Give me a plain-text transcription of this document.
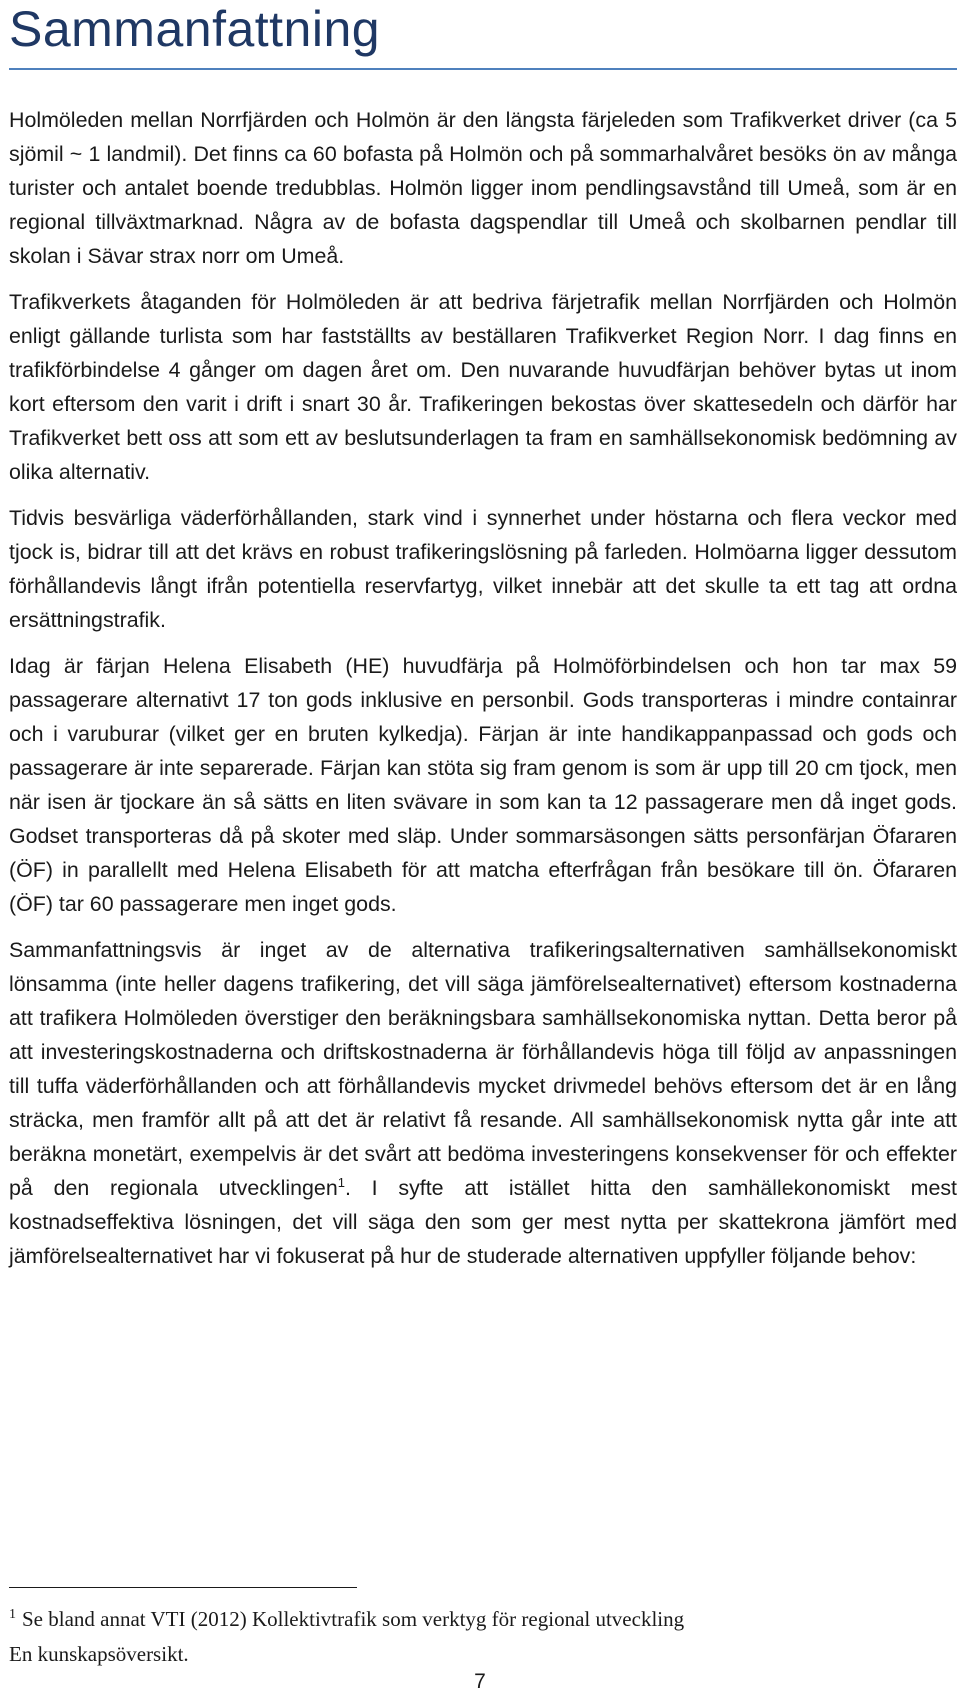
Sammanfattning

Holmöleden mellan Norrfjärden och Holmön är den längsta färjeleden som Trafikverket driver (ca 5 sjömil ~ 1 landmil). Det finns ca 60 bofasta på Holmön och på sommarhalvåret besöks ön av många turister och antalet boende tredubblas. Holmön ligger inom pendlingsavstånd till Umeå, som är en regional tillväxtmarknad. Några av de bofasta dagspendlar till Umeå och skolbarnen pendlar till skolan i Sävar strax norr om Umeå.

Trafikverkets åtaganden för Holmöleden är att bedriva färjetrafik mellan Norrfjärden och Holmön enligt gällande turlista som har fastställts av beställaren Trafikverket Region Norr. I dag finns en trafikförbindelse 4 gånger om dagen året om. Den nuvarande huvudfärjan behöver bytas ut inom kort eftersom den varit i drift i snart 30 år. Trafikeringen bekostas över skattesedeln och därför har Trafikverket bett oss att som ett av beslutsunderlagen ta fram en samhällsekonomisk bedömning av olika alternativ.

Tidvis besvärliga väderförhållanden, stark vind i synnerhet under höstarna och flera veckor med tjock is, bidrar till att det krävs en robust trafikeringslösning på farleden. Holmöarna ligger dessutom förhållandevis långt ifrån potentiella reservfartyg, vilket innebär att det skulle ta ett tag att ordna ersättningstrafik.

Idag är färjan Helena Elisabeth (HE) huvudfärja på Holmöförbindelsen och hon tar max 59 passagerare alternativt 17 ton gods inklusive en personbil. Gods transporteras i mindre containrar och i varuburar (vilket ger en bruten kylkedja). Färjan är inte handikappanpassad och gods och passagerare är inte separerade. Färjan kan stöta sig fram genom is som är upp till 20 cm tjock, men när isen är tjockare än så sätts en liten svävare in som kan ta 12 passagerare men då inget gods. Godset transporteras då på skoter med släp. Under sommarsäsongen sätts personfärjan Öfararen (ÖF) in parallellt med Helena Elisabeth för att matcha efterfrågan från besökare till ön. Öfararen (ÖF) tar 60 passagerare men inget gods.

Sammanfattningsvis är inget av de alternativa trafikeringsalternativen samhällsekonomiskt lönsamma (inte heller dagens trafikering, det vill säga jämförelsealternativet) eftersom kostnaderna att trafikera Holmöleden överstiger den beräkningsbara samhällsekonomiska nyttan. Detta beror på att investeringskostnaderna och driftskostnaderna är förhållandevis höga till följd av anpassningen till tuffa väderförhållanden och att förhållandevis mycket drivmedel behövs eftersom det är en lång sträcka, men framför allt på att det är relativt få resande. All samhällsekonomisk nytta går inte att beräkna monetärt, exempelvis är det svårt att bedöma investeringens konsekvenser för och effekter på den regionala utvecklingen$^1$. I syfte att istället hitta den samhällekonomiskt mest kostnadseffektiva lösningen, det vill säga den som ger mest nytta per skattekrona jämfört med jämförelsealternativet har vi fokuserat på hur de studerade alternativen uppfyller följande behov:

$^1$ Se bland annat VTI (2012) Kollektivtrafik som verktyg för regional utveckling
En kunskapsöversikt.
7
